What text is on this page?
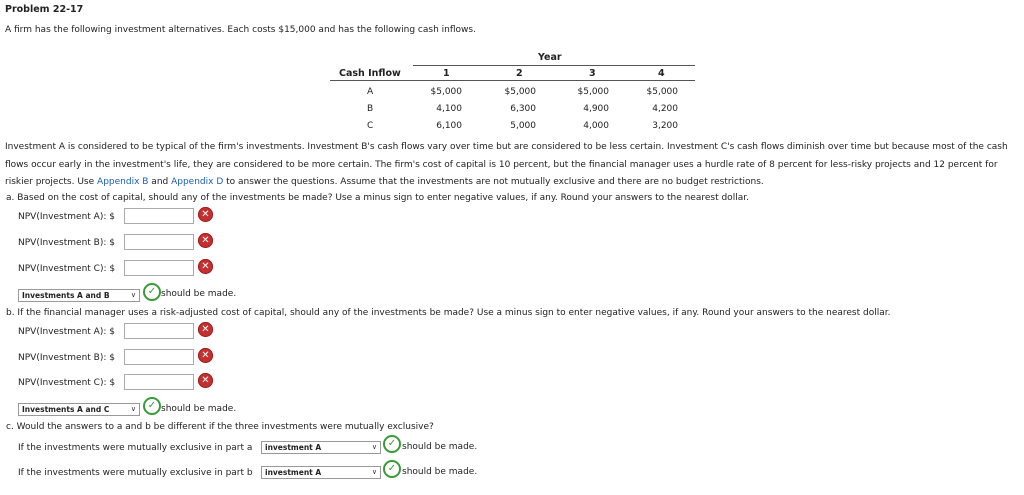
Problem 22-17
A firm has the following investment alternatives. Each costs $15,000 and has the following cash inflows.
Year
Cash Inflow	1	2	3	4
A	$5,000	$5,000	$5,000	$5,000
B	4,100	6,300	4,900	4,200
C	6,100	5,000	4,000	3,200
Investment A is considered to be typical of the firm's investments. Investment B's cash flows vary over time but are considered to be less certain. Investment C's cash flows diminish over time but because most of the cash flows occur early in the investment's life, they are considered to be more certain. The firm's cost of capital is 10 percent, but the financial manager uses a hurdle rate of 8 percent for less-risky projects and 12 percent for riskier projects. Use Appendix B and Appendix D to answer the questions. Assume that the investments are not mutually exclusive and there are no budget restrictions.
a. Based on the cost of capital, should any of the investments be made? Use a minus sign to enter negative values, if any. Round your answers to the nearest dollar.
NPV(Investment A): $	✕
NPV(Investment B): $	✕
NPV(Investment C): $	✕
Investments A and B	∨	✓ should be made.
b. If the financial manager uses a risk-adjusted cost of capital, should any of the investments be made? Use a minus sign to enter negative values, if any. Round your answers to the nearest dollar.
NPV(Investment A): $	✕
NPV(Investment B): $	✕
NPV(Investment C): $	✕
Investments A and C	∨	✓ should be made.
c. Would the answers to a and b be different if the three investments were mutually exclusive?
If the investments were mutually exclusive in part a	investment A	∨	✓ should be made.
If the investments were mutually exclusive in part b	investment A	∨	✓ should be made.
